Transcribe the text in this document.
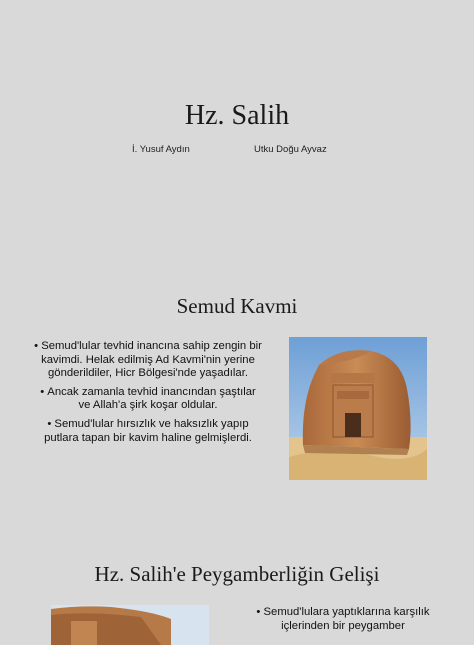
Hz. Salih
İ. Yusuf Aydın	Utku Doğu Ayvaz
Semud Kavmi
• Semud'lular tevhid inancına sahip zengin bir kavimdi. Helak edilmiş Ad Kavmi'nin yerine gönderildiler, Hicr Bölgesi'nde yaşadılar.
• Ancak zamanla tevhid inancından şaştılar ve Allah'a şirk koşar oldular.
• Semud'lular hırsızlık ve haksızlık yapıp putlara tapan bir kavim haline gelmişlerdi.
Hz. Salih'e Peygamberliğin Gelişi
• Semud'lulara yaptıklarına karşılık içlerinden bir peygamber
